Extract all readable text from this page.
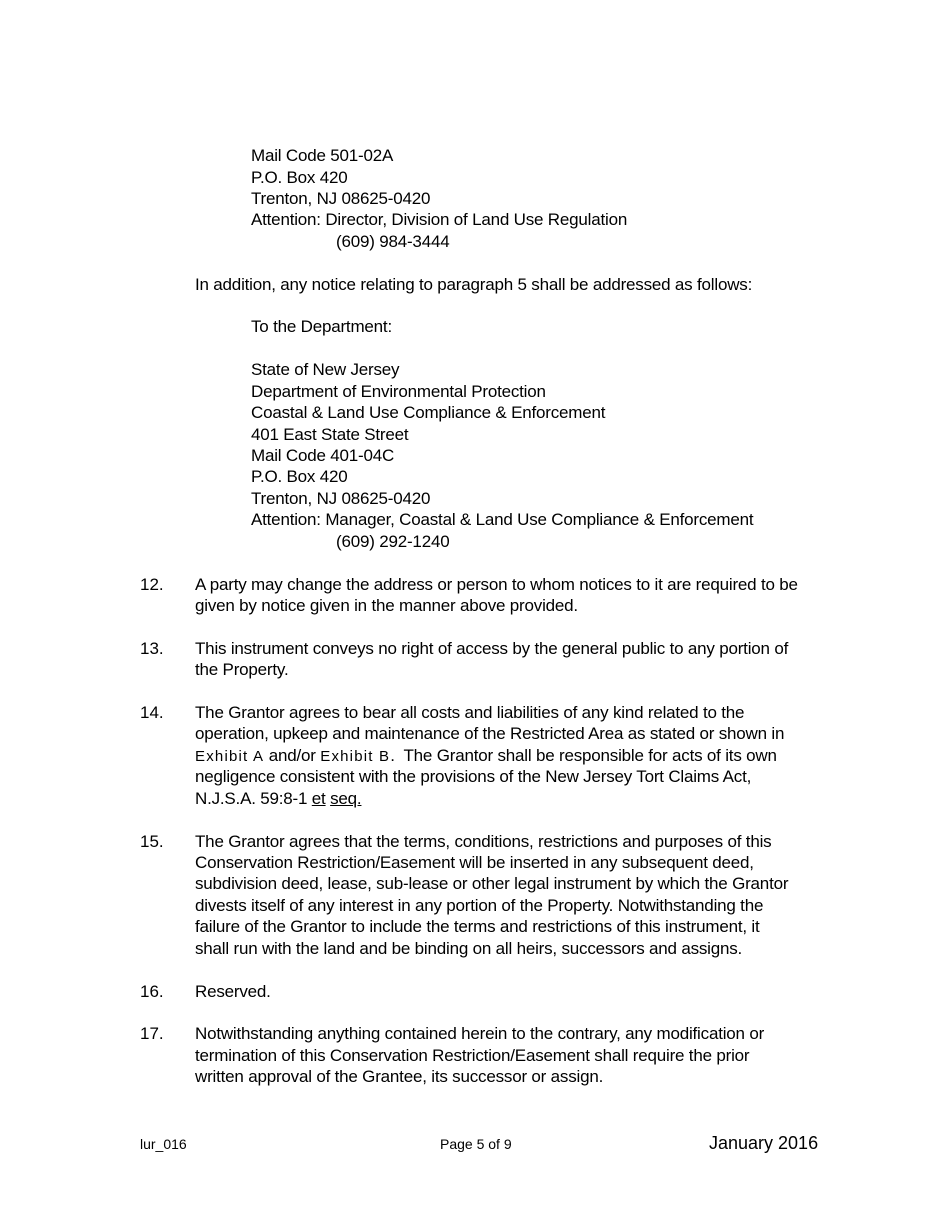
Mail Code 501-02A
P.O. Box 420
Trenton, NJ 08625-0420
Attention: Director, Division of Land Use Regulation
(609) 984-3444
In addition, any notice relating to paragraph 5 shall be addressed as follows:
To the Department:
State of New Jersey
Department of Environmental Protection
Coastal & Land Use Compliance & Enforcement
401 East State Street
Mail Code 401-04C
P.O. Box 420
Trenton, NJ 08625-0420
Attention: Manager, Coastal & Land Use Compliance & Enforcement
(609) 292-1240
12. A party may change the address or person to whom notices to it are required to be
given by notice given in the manner above provided.
13. This instrument conveys no right of access by the general public to any portion of
the Property.
14. The Grantor agrees to bear all costs and liabilities of any kind related to the
operation, upkeep and maintenance of the Restricted Area as stated or shown in
Exhibit A and/or Exhibit B.  The Grantor shall be responsible for acts of its own
negligence consistent with the provisions of the New Jersey Tort Claims Act,
N.J.S.A. 59:8-1 et seq.
15. The Grantor agrees that the terms, conditions, restrictions and purposes of this
Conservation Restriction/Easement will be inserted in any subsequent deed,
subdivision deed, lease, sub-lease or other legal instrument by which the Grantor
divests itself of any interest in any portion of the Property. Notwithstanding the
failure of the Grantor to include the terms and restrictions of this instrument, it
shall run with the land and be binding on all heirs, successors and assigns.
16. Reserved.
17. Notwithstanding anything contained herein to the contrary, any modification or
termination of this Conservation Restriction/Easement shall require the prior
written approval of the Grantee, its successor or assign.
lur_016	Page 5 of 9	January 2016
